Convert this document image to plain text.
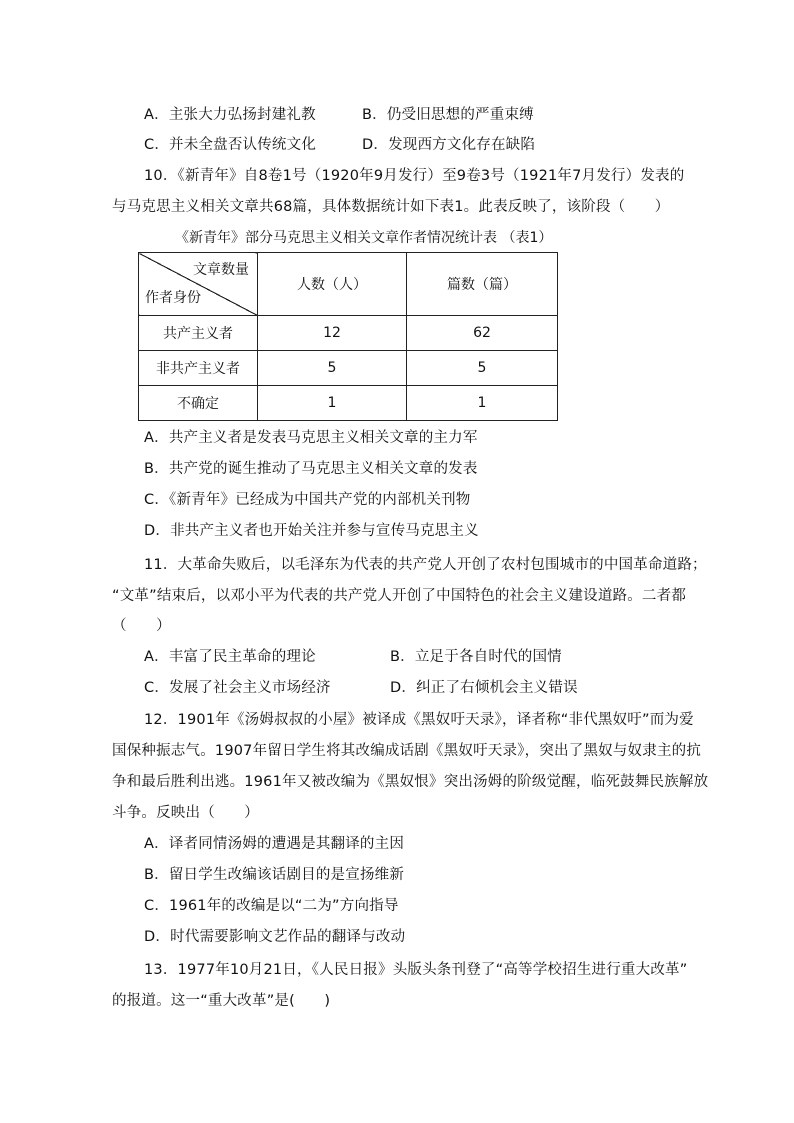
A．主张大力弘扬封建礼教	B．仍受旧思想的严重束缚
C．并未全盘否认传统文化	D．发现西方文化存在缺陷
10．《新青年》自8卷1号（1920年9月发行）至9卷3号（1921年7月发行）发表的
与马克思主义相关文章共68篇，具体数据统计如下表1。此表反映了，该阶段（　　）
《新青年》部分马克思主义相关文章作者情况统计表 （表1）
文章数量
作者身份	人数（人）	篇数（篇）
共产主义者	12	62
非共产主义者	5	5
不确定	1	1
A．共产主义者是发表马克思主义相关文章的主力军
B．共产党的诞生推动了马克思主义相关文章的发表
C．《新青年》已经成为中国共产党的内部机关刊物
D．非共产主义者也开始关注并参与宣传马克思主义
11．大革命失败后，以毛泽东为代表的共产党人开创了农村包围城市的中国革命道路；
“文革”结束后，以邓小平为代表的共产党人开创了中国特色的社会主义建设道路。二者都
（　　）
A．丰富了民主革命的理论	B．立足于各自时代的国情
C．发展了社会主义市场经济	D．纠正了右倾机会主义错误
12．1901年《汤姆叔叔的小屋》被译成《黑奴吁天录》，译者称“非代黑奴吁”而为爱
国保种振志气。1907年留日学生将其改编成话剧《黑奴吁天录》，突出了黑奴与奴隶主的抗
争和最后胜利出逃。1961年又被改编为《黑奴恨》突出汤姆的阶级觉醒，临死鼓舞民族解放
斗争。反映出（　　）
A．译者同情汤姆的遭遇是其翻译的主因
B．留日学生改编该话剧目的是宣扬维新
C．1961年的改编是以“二为”方向指导
D．时代需要影响文艺作品的翻译与改动
13．1977年10月21日，《人民日报》头版头条刊登了“高等学校招生进行重大改革”
的报道。这一“重大改革”是(　　)
